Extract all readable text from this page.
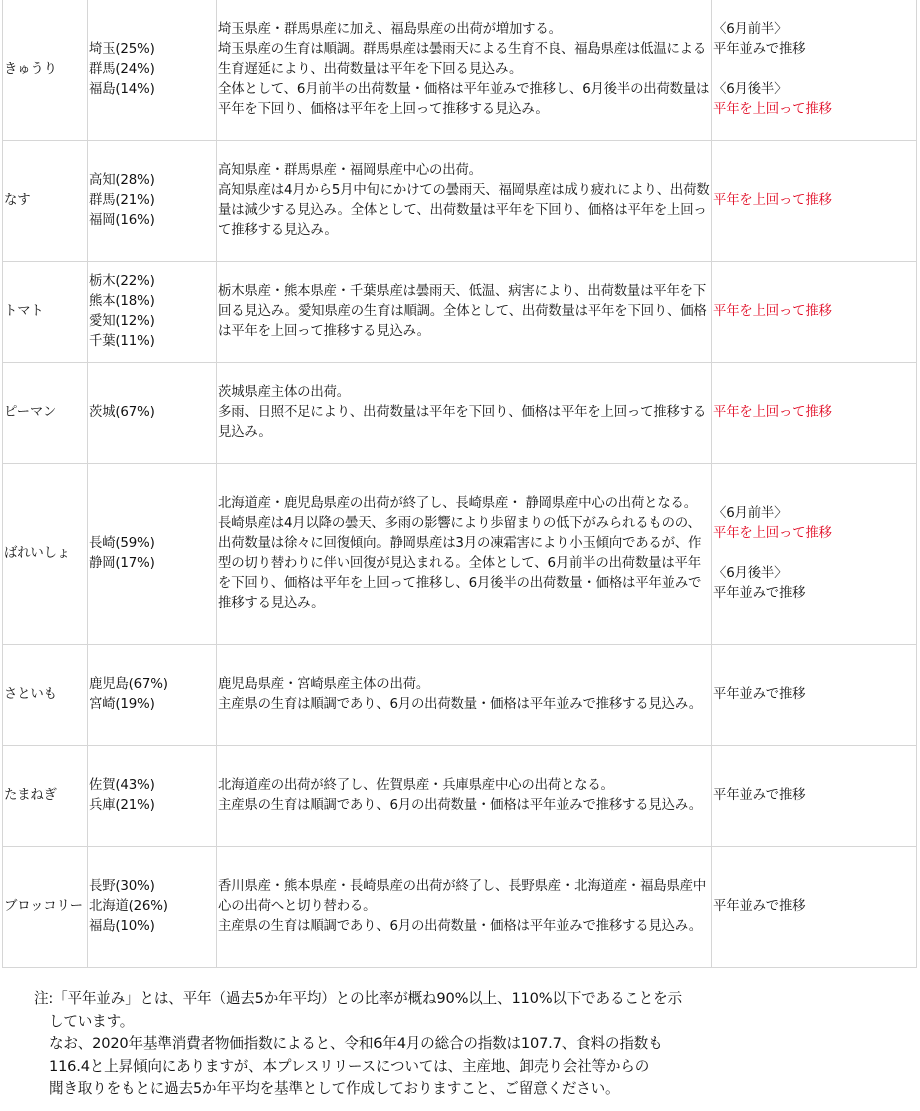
きゅうり	埼玉(25%)
群馬(24%)
福島(14%)	埼玉県産・群馬県産に加え、福島県産の出荷が増加する。
埼玉県産の生育は順調。群馬県産は曇雨天による生育不良、福島県産は低温による生育遅延により、出荷数量は平年を下回る見込み。
全体として、6月前半の出荷数量・価格は平年並みで推移し、6月後半の出荷数量は平年を下回り、価格は平年を上回って推移する見込み。	〈6月前半〉
平年並みで推移
〈6月後半〉
平年を上回って推移

なす	高知(28%)
群馬(21%)
福岡(16%)	高知県産・群馬県産・福岡県産中心の出荷。
高知県産は4月から5月中旬にかけての曇雨天、福岡県産は成り疲れにより、出荷数量は減少する見込み。全体として、出荷数量は平年を下回り、価格は平年を上回って推移する見込み。	平年を上回って推移

トマト	栃木(22%)
熊本(18%)
愛知(12%)
千葉(11%)	栃木県産・熊本県産・千葉県産は曇雨天、低温、病害により、出荷数量は平年を下回る見込み。愛知県産の生育は順調。全体として、出荷数量は平年を下回り、価格は平年を上回って推移する見込み。	平年を上回って推移

ピーマン	茨城(67%)	茨城県産主体の出荷。
多雨、日照不足により、出荷数量は平年を下回り、価格は平年を上回って推移する見込み。	平年を上回って推移

ばれいしょ	長崎(59%)
静岡(17%)	北海道産・鹿児島県産の出荷が終了し、長崎県産・ 静岡県産中心の出荷となる。
長崎県産は4月以降の曇天、多雨の影響により歩留まりの低下がみられるものの、出荷数量は徐々に回復傾向。静岡県産は3月の凍霜害により小玉傾向であるが、作型の切り替わりに伴い回復が見込まれる。全体として、6月前半の出荷数量は平年を下回り、価格は平年を上回って推移し、6月後半の出荷数量・価格は平年並みで推移する見込み。	〈6月前半〉
平年を上回って推移
〈6月後半〉
平年並みで推移

さといも	鹿児島(67%)
宮崎(19%)	鹿児島県産・宮崎県産主体の出荷。
主産県の生育は順調であり、6月の出荷数量・価格は平年並みで推移する見込み。	平年並みで推移

たまねぎ	佐賀(43%)
兵庫(21%)	北海道産の出荷が終了し、佐賀県産・兵庫県産中心の出荷となる。
主産県の生育は順調であり、6月の出荷数量・価格は平年並みで推移する見込み。	平年並みで推移

ブロッコリー	長野(30%)
北海道(26%)
福島(10%)	香川県産・熊本県産・長崎県産の出荷が終了し、長野県産・北海道産・福島県産中心の出荷へと切り替わる。
主産県の生育は順調であり、6月の出荷数量・価格は平年並みで推移する見込み。	平年並みで推移
注:「平年並み」とは、平年（過去5か年平均）との比率が概ね90%以上、110%以下であることを示
しています。
なお、2020年基準消費者物価指数によると、令和6年4月の総合の指数は107.7、食料の指数も
116.4と上昇傾向にありますが、本プレスリリースについては、主産地、卸売り会社等からの
聞き取りをもとに過去5か年平均を基準として作成しておりますこと、ご留意ください。
